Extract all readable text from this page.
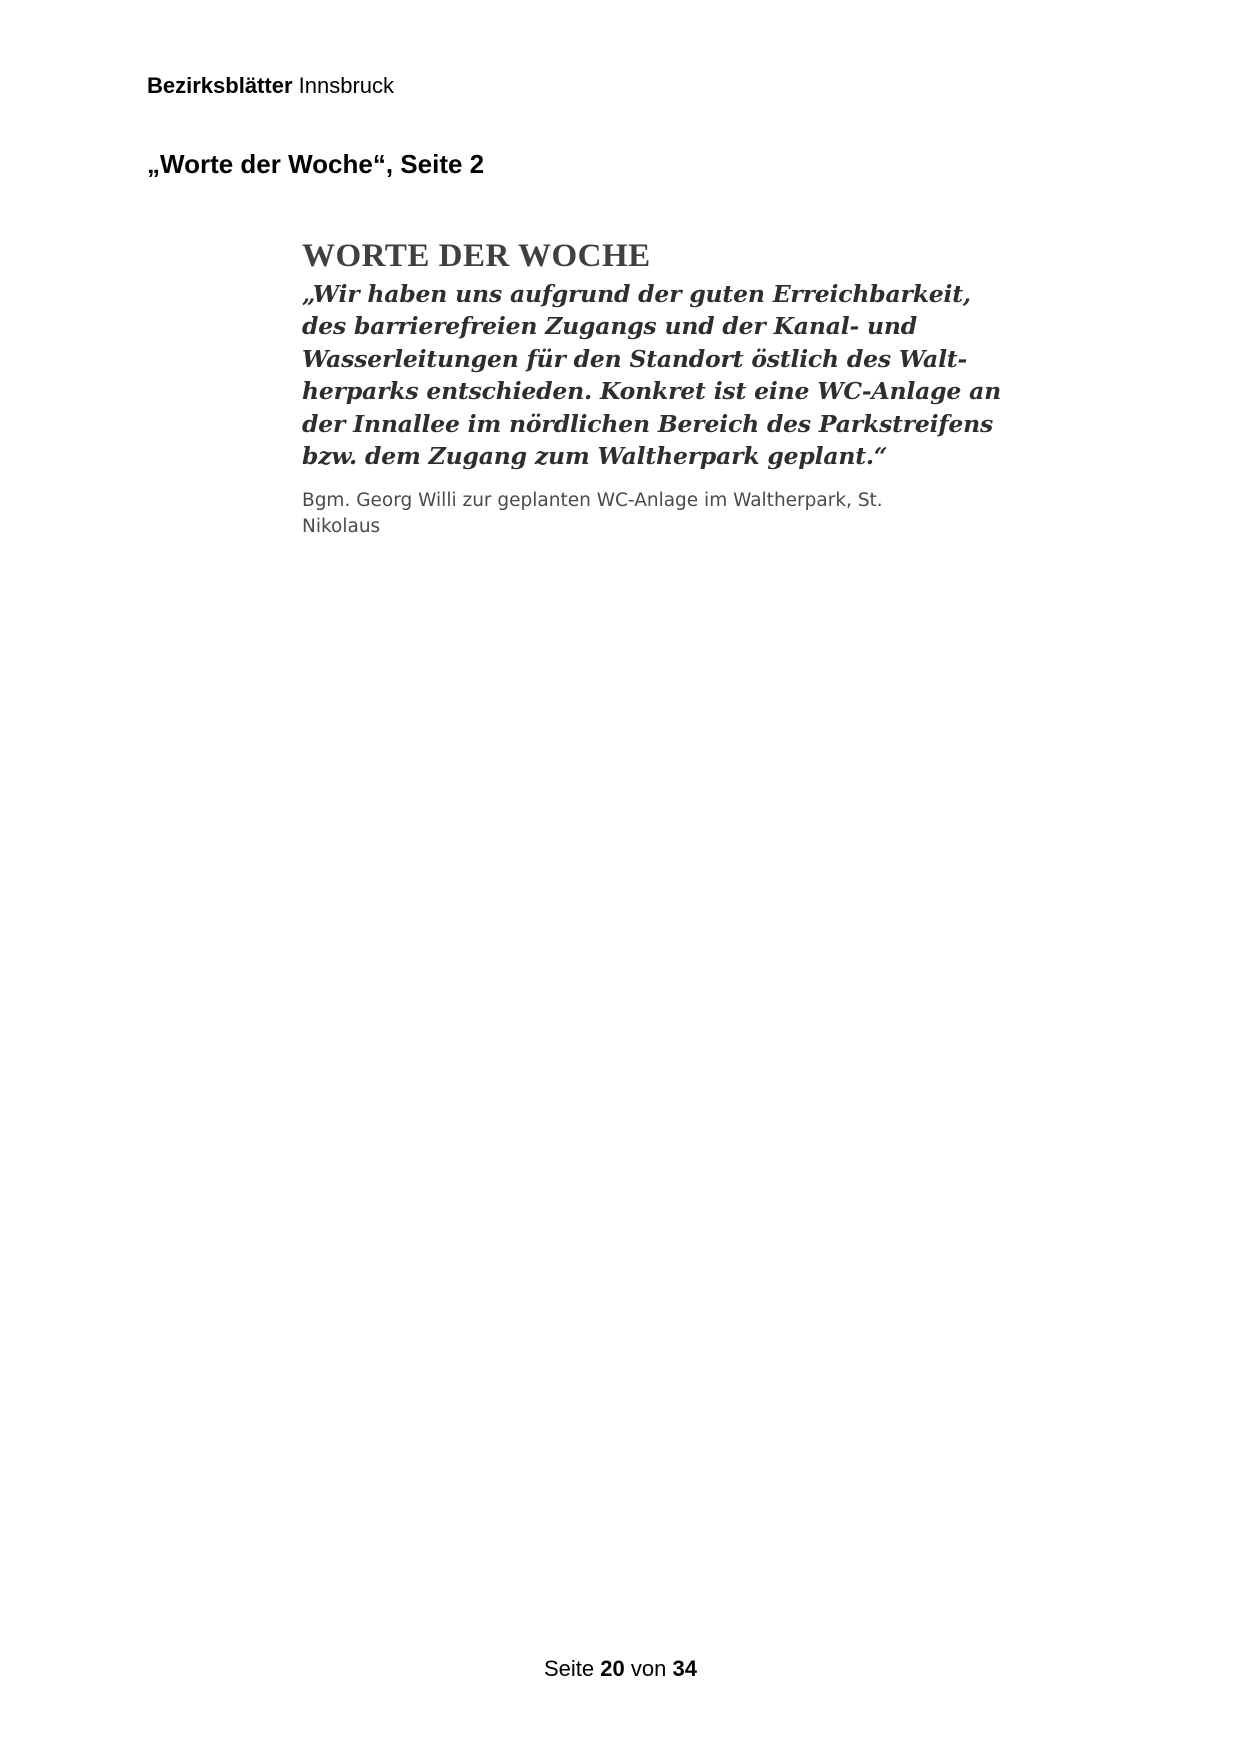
Bezirksblätter Innsbruck
„Worte der Woche“, Seite 2
WORTE DER WOCHE

„Wir haben uns aufgrund der guten Erreichbarkeit,
des barrierefreien Zugangs und der Kanal- und
Wasserleitungen für den Standort östlich des Walt-
herparks entschieden. Konkret ist eine WC-Anlage an
der Innallee im nördlichen Bereich des Parkstreifens
bzw. dem Zugang zum Waltherpark geplant.“

Bgm. Georg Willi zur geplanten WC-Anlage im Waltherpark, St.
Nikolaus

Seite 20 von 34
